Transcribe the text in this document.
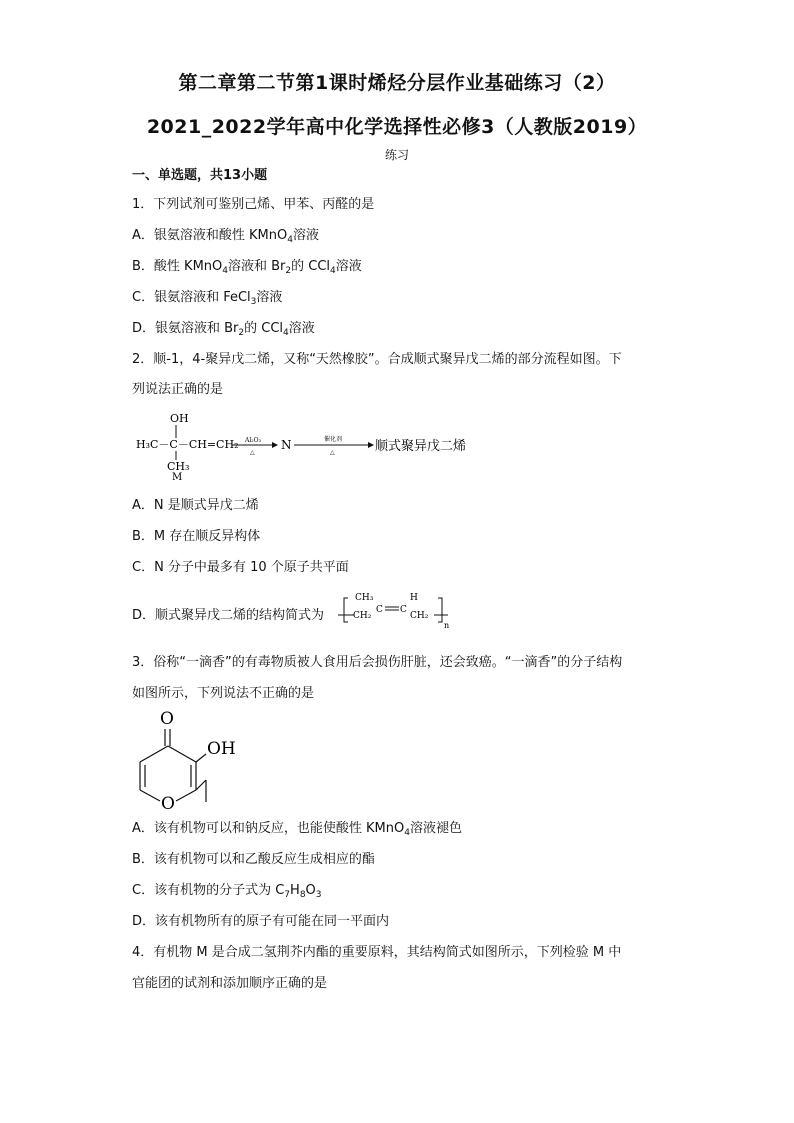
第二章第二节第1课时烯烃分层作业基础练习（2）
2021_2022学年高中化学选择性必修3（人教版2019）
练习
一、单选题，共13小题
1．下列试剂可鉴别己烯、甲苯、丙醛的是
A．银氨溶液和酸性 KMnO$_4$溶液
B．酸性 KMnO$_4$溶液和 $Br_2$的 CCl$_4$溶液
C．银氨溶液和 FeCl$_3$溶液
D．银氨溶液和 $Br_2$的 CCl$_4$溶液
2．顺-1，4-聚异戊二烯，又称“天然橡胶”。合成顺式聚异戊二烯的部分流程如图。下
列说法正确的是
OH
H₃C－C－CH=CH₂
CH₃
M
Al₂O₃
△
N	催化剂
△	顺式聚异戊二烯
A．N 是顺式异戊二烯
B．M 存在顺反异构体
C．N 分子中最多有 10 个原子共平面
D．顺式聚异戊二烯的结构简式为
CH₃
CH₂
C C
H
CH₂
n
3．俗称“一滴香”的有毒物质被人食用后会损伤肝脏，还会致癌。“一滴香”的分子结构
如图所示，下列说法不正确的是
O
O
OH
A．该有机物可以和钠反应，也能使酸性 KMnO$_4$溶液褪色
B．该有机物可以和乙酸反应生成相应的酯
C．该有机物的分子式为 $C_7H_8O_3$
D．该有机物所有的原子有可能在同一平面内
4．有机物 M 是合成二氢荆芥内酯的重要原料，其结构简式如图所示，下列检验 M 中
官能团的试剂和添加顺序正确的是
